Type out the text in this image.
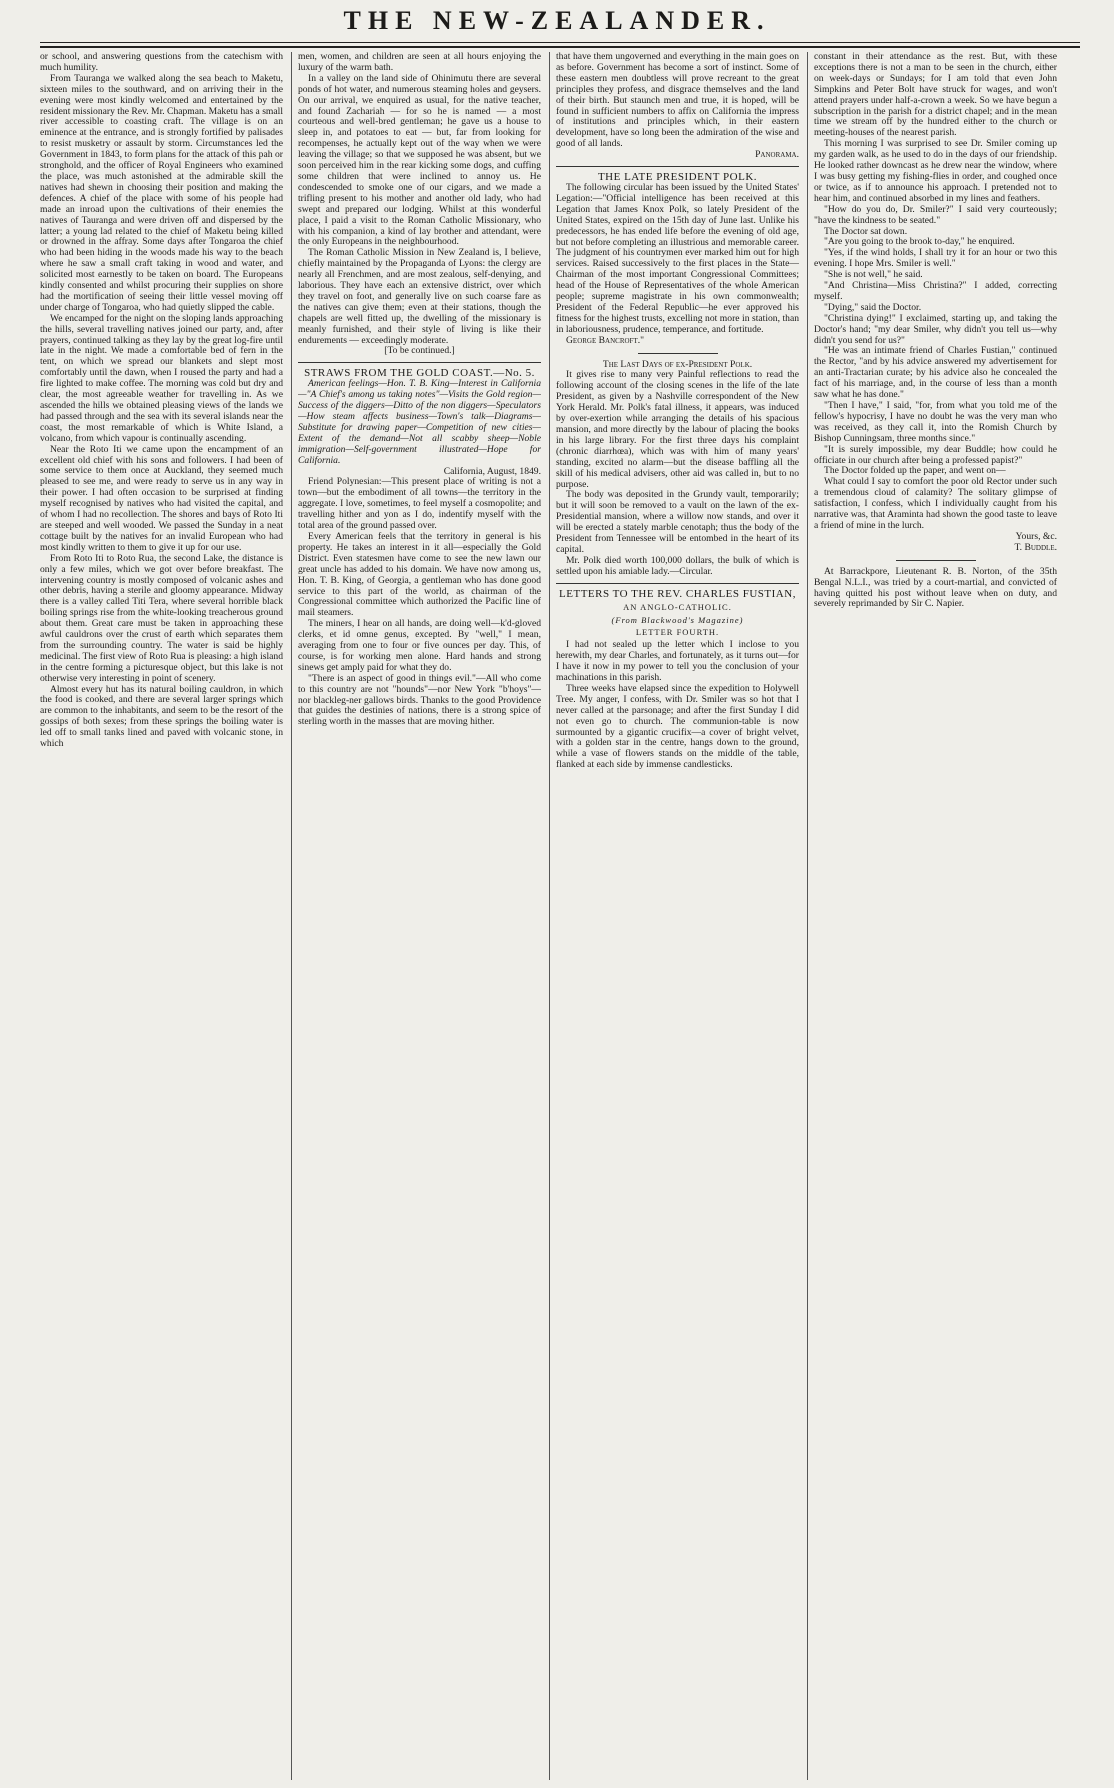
THE NEW-ZEALANDER.

or school, and answering questions from the catechism with much humility.

From Tauranga we walked along the sea beach to Maketu, sixteen miles to the southward, and on arriving their in the evening were most kindly welcomed and entertained by the resident missionary the Rev. Mr. Chapman. Maketu has a small river accessible to coasting craft. The village is on an eminence at the entrance, and is strongly fortified by palisades to resist musketry or assault by storm. Circumstances led the Government in 1843, to form plans for the attack of this pah or stronghold, and the officer of Royal Engineers who examined the place, was much astonished at the admirable skill the natives had shewn in choosing their position and making the defences. A chief of the place with some of his people had made an inroad upon the cultivations of their enemies the natives of Tauranga and were driven off and dispersed by the latter; a young lad related to the chief of Maketu being killed or drowned in the affray. Some days after Tongaroa the chief who had been hiding in the woods made his way to the beach where he saw a small craft taking in wood and water, and solicited most earnestly to be taken on board. The Europeans kindly consented and whilst procuring their supplies on shore had the mortification of seeing their little vessel moving off under charge of Tongaroa, who had quietly slipped the cable.

We encamped for the night on the sloping lands approaching the hills, several travelling natives joined our party, and, after prayers, continued talking as they lay by the great log-fire until late in the night. We made a comfortable bed of fern in the tent, on which we spread our blankets and slept most comfortably until the dawn, when I roused the party and had a fire lighted to make coffee. The morning was cold but dry and clear, the most agreeable weather for travelling in. As we ascended the hills we obtained pleasing views of the lands we had passed through and the sea with its several islands near the coast, the most remarkable of which is White Island, a volcano, from which vapour is continually ascending.

Near the Roto Iti we came upon the encampment of an excellent old chief with his sons and followers. I had been of some service to them once at Auckland, they seemed much pleased to see me, and were ready to serve us in any way in their power. I had often occasion to be surprised at finding myself recognised by natives who had visited the capital, and of whom I had no recollection. The shores and bays of Roto Iti are steeped and well wooded. We passed the Sunday in a neat cottage built by the natives for an invalid European who had most kindly written to them to give it up for our use.

From Roto Iti to Roto Rua, the second Lake, the distance is only a few miles, which we got over before breakfast. The intervening country is mostly composed of volcanic ashes and other debris, having a sterile and gloomy appearance. Midway there is a valley called Titi Tera, where several horrible black boiling springs rise from the white-looking treacherous ground about them. Great care must be taken in approaching these awful cauldrons over the crust of earth which separates them from the surrounding country. The water is said be highly medicinal. The first view of Roto Rua is pleasing: a high island in the centre forming a picturesque object, but this lake is not otherwise very interesting in point of scenery.

Almost every hut has its natural boiling cauldron, in which the food is cooked, and there are several larger springs which are common to the inhabitants, and seem to be the resort of the gossips of both sexes; from these springs the boiling water is led off to small tanks lined and paved with volcanic stone, in which

men, women, and children are seen at all hours enjoying the luxury of the warm bath.

In a valley on the land side of Ohinimutu there are several ponds of hot water, and numerous steaming holes and geysers. On our arrival, we enquired as usual, for the native teacher, and found Zachariah — for so he is named — a most courteous and well-bred gentleman; he gave us a house to sleep in, and potatoes to eat — but, far from looking for recompenses, he actually kept out of the way when we were leaving the village; so that we supposed he was absent, but we soon perceived him in the rear kicking some dogs, and cuffing some children that were inclined to annoy us. He condescended to smoke one of our cigars, and we made a trifling present to his mother and another old lady, who had swept and prepared our lodging. Whilst at this wonderful place, I paid a visit to the Roman Catholic Missionary, who with his companion, a kind of lay brother and attendant, were the only Europeans in the neighbourhood.

The Roman Catholic Mission in New Zealand is, I believe, chiefly maintained by the Propaganda of Lyons: the clergy are nearly all Frenchmen, and are most zealous, self-denying, and laborious. They have each an extensive district, over which they travel on foot, and generally live on such coarse fare as the natives can give them; even at their stations, though the chapels are well fitted up, the dwelling of the missionary is meanly furnished, and their style of living is like their endurements — exceedingly moderate.

[To be continued.]

STRAWS FROM THE GOLD COAST.—No. 5.

American feelings—Hon. T. B. King—Interest in California—"A Chief's among us taking notes"—Visits the Gold region—Success of the diggers—Ditto of the non diggers—Speculators—How steam affects business—Town's talk—Diagrams—Substitute for drawing paper—Competition of new cities—Extent of the demand—Not all scabby sheep—Noble immigration—Self-government illustrated—Hope for California.

California, August, 1849.

Friend Polynesian:—This present place of writing is not a town—but the embodiment of all towns—the territory in the aggregate. I love, sometimes, to feel myself a cosmopolite; and travelling hither and yon as I do, indentify myself with the total area of the ground passed over.

Every American feels that the territory in general is his property. He takes an interest in it all—especially the Gold District. Even statesmen have come to see the new lawn our great uncle has added to his domain. We have now among us, Hon. T. B. King, of Georgia, a gentleman who has done good service to this part of the world, as chairman of the Congressional committee which authorized the Pacific line of mail steamers.

The miners, I hear on all hands, are doing well—k'd-gloved clerks, et id omne genus, excepted. By "well," I mean, averaging from one to four or five ounces per day. This, of course, is for working men alone. Hard hands and strong sinews get amply paid for what they do.

"There is an aspect of good in things evil."—All who come to this country are not "hounds"—nor New York "b'hoys"—nor blackleg-ner gallows birds. Thanks to the good Providence that guides the destinies of nations, there is a strong spice of sterling worth in the masses that are moving hither.

that have them ungoverned and everything in the main goes on as before. Government has become a sort of instinct. Some of these eastern men doubtless will prove recreant to the great principles they profess, and disgrace themselves and the land of their birth. But staunch men and true, it is hoped, will be found in sufficient numbers to affix on California the impress of institutions and principles which, in their eastern development, have so long been the admiration of the wise and good of all lands.

Panorama.

THE LATE PRESIDENT POLK.

The following circular has been issued by the United States' Legation:—"Official intelligence has been received at this Legation that James Knox Polk, so lately President of the United States, expired on the 15th day of June last. Unlike his predecessors, he has ended life before the evening of old age, but not before completing an illustrious and memorable career. The judgment of his countrymen ever marked him out for high services. Raised successively to the first places in the State—Chairman of the most important Congressional Committees; head of the House of Representatives of the whole American people; supreme magistrate in his own commonwealth; President of the Federal Republic—he ever approved his fitness for the highest trusts, excelling not more in station, than in laboriousness, prudence, temperance, and fortitude.

George Bancroft."

The Last Days of ex-President Polk.

It gives rise to many very Painful reflections to read the following account of the closing scenes in the life of the late President, as given by a Nashville correspondent of the New York Herald. Mr. Polk's fatal illness, it appears, was induced by over-exertion while arranging the details of his spacious mansion, and more directly by the labour of placing the books in his large library. For the first three days his complaint (chronic diarrhœa), which was with him of many years' standing, excited no alarm—but the disease baffling all the skill of his medical advisers, other aid was called in, but to no purpose.

The body was deposited in the Grundy vault, temporarily; but it will soon be removed to a vault on the lawn of the ex-Presidential mansion, where a willow now stands, and over it will be erected a stately marble cenotaph; thus the body of the President from Tennessee will be entombed in the heart of its capital.

Mr. Polk died worth 100,000 dollars, the bulk of which is settled upon his amiable lady.—Circular.

LETTERS TO THE REV. CHARLES FUSTIAN,

AN ANGLO-CATHOLIC.
(From Blackwood's Magazine)
LETTER FOURTH.

I had not sealed up the letter which I inclose to you herewith, my dear Charles, and fortunately, as it turns out—for I have it now in my power to tell you the conclusion of your machinations in this parish.

Three weeks have elapsed since the expedition to Holywell Tree. My anger, I confess, with Dr. Smiler was so hot that I never called at the parsonage; and after the first Sunday I did not even go to church. The communion-table is now surmounted by a gigantic crucifix—a cover of bright velvet, with a golden star in the centre, hangs down to the ground, while a vase of flowers stands on the middle of the table, flanked at each side by immense candlesticks.

constant in their attendance as the rest. But, with these exceptions there is not a man to be seen in the church, either on week-days or Sundays; for I am told that even John Simpkins and Peter Bolt have struck for wages, and won't attend prayers under half-a-crown a week. So we have begun a subscription in the parish for a district chapel; and in the mean time we stream off by the hundred either to the church or meeting-houses of the nearest parish.

This morning I was surprised to see Dr. Smiler coming up my garden walk, as he used to do in the days of our friendship. He looked rather downcast as he drew near the window, where I was busy getting my fishing-flies in order, and coughed once or twice, as if to announce his approach. I pretended not to hear him, and continued absorbed in my lines and feathers.

"How do you do, Dr. Smiler?" I said very courteously; "have the kindness to be seated."

The Doctor sat down.

"Are you going to the brook to-day," he enquired.

"Yes, if the wind holds, I shall try it for an hour or two this evening. I hope Mrs. Smiler is well."

"She is not well," he said.

"And Christina—Miss Christina?" I added, correcting myself.

"Dying," said the Doctor.

"Christina dying!" I exclaimed, starting up, and taking the Doctor's hand; "my dear Smiler, why didn't you tell us—why didn't you send for us?"

"He was an intimate friend of Charles Fustian," continued the Rector, "and by his advice answered my advertisement for an anti-Tractarian curate; by his advice also he concealed the fact of his marriage, and, in the course of less than a month saw what he has done."

"Then I have," I said, "for, from what you told me of the fellow's hypocrisy, I have no doubt he was the very man who was received, as they call it, into the Romish Church by Bishop Cunningsam, three months since."

"It is surely impossible, my dear Buddle; how could he officiate in our church after being a professed papist?"

The Doctor folded up the paper, and went on—

What could I say to comfort the poor old Rector under such a tremendous cloud of calamity? The solitary glimpse of satisfaction, I confess, which I individually caught from his narrative was, that Araminta had shown the good taste to leave a friend of mine in the lurch.

Yours, &c.

T. Buddle.

At Barrackpore, Lieutenant R. B. Norton, of the 35th Bengal N.L.I., was tried by a court-martial, and convicted of having quitted his post without leave when on duty, and severely reprimanded by Sir C. Napier.
